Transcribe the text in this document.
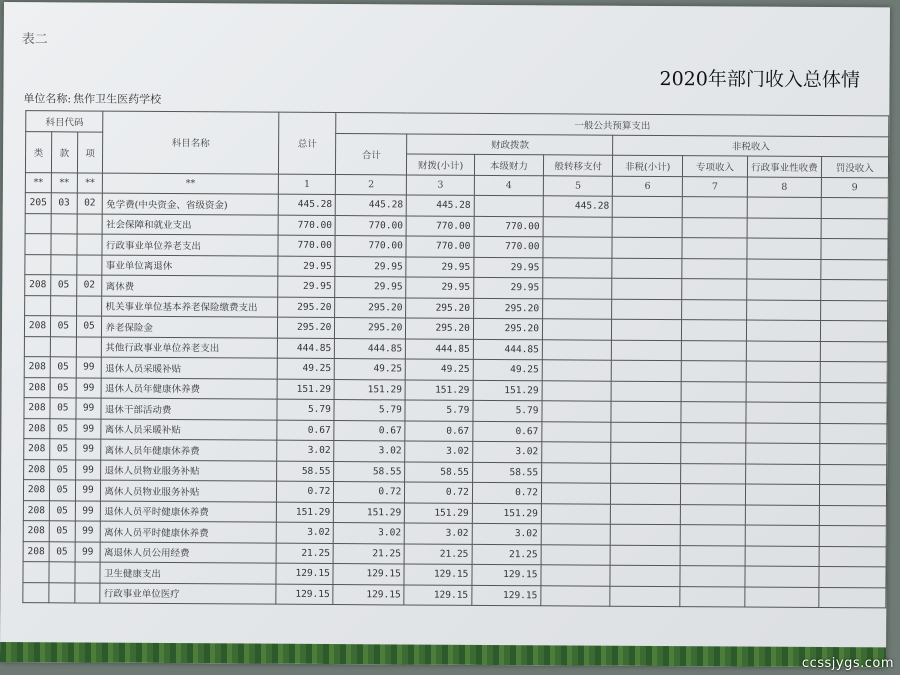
表二
2020年部门收入总体情
单位名称: 焦作卫生医药学校
科目代码			科目名称	总计	一般公共预算支出							
类	款	项			合计	财政拨款			非税收入			
						财拨(小计)	本级财力	般转移支付	非税(小计)	专项收入	行政事业性收费	罚没收入
**	**	**	**	1	2	3	4	5	6	7	8	9
205	03	02	免学费(中央资金、省级资金)	445.28	445.28	445.28		445.28				
			社会保障和就业支出	770.00	770.00	770.00	770.00					
			行政事业单位养老支出	770.00	770.00	770.00	770.00					
			事业单位离退休	29.95	29.95	29.95	29.95					
208	05	02	离休费	29.95	29.95	29.95	29.95					
			机关事业单位基本养老保险缴费支出	295.20	295.20	295.20	295.20					
208	05	05	养老保险金	295.20	295.20	295.20	295.20					
			其他行政事业单位养老支出	444.85	444.85	444.85	444.85					
208	05	99	退休人员采暖补贴	49.25	49.25	49.25	49.25					
208	05	99	退休人员年健康休养费	151.29	151.29	151.29	151.29					
208	05	99	退休干部活动费	5.79	5.79	5.79	5.79					
208	05	99	离休人员采暖补贴	0.67	0.67	0.67	0.67					
208	05	99	离休人员年健康休养费	3.02	3.02	3.02	3.02					
208	05	99	退休人员物业服务补贴	58.55	58.55	58.55	58.55					
208	05	99	离休人员物业服务补贴	0.72	0.72	0.72	0.72					
208	05	99	退休人员平时健康休养费	151.29	151.29	151.29	151.29					
208	05	99	离休人员平时健康休养费	3.02	3.02	3.02	3.02					
208	05	99	离退休人员公用经费	21.25	21.25	21.25	21.25					
			卫生健康支出	129.15	129.15	129.15	129.15					
			行政事业单位医疗	129.15	129.15	129.15	129.15					
ccssjygs.com
